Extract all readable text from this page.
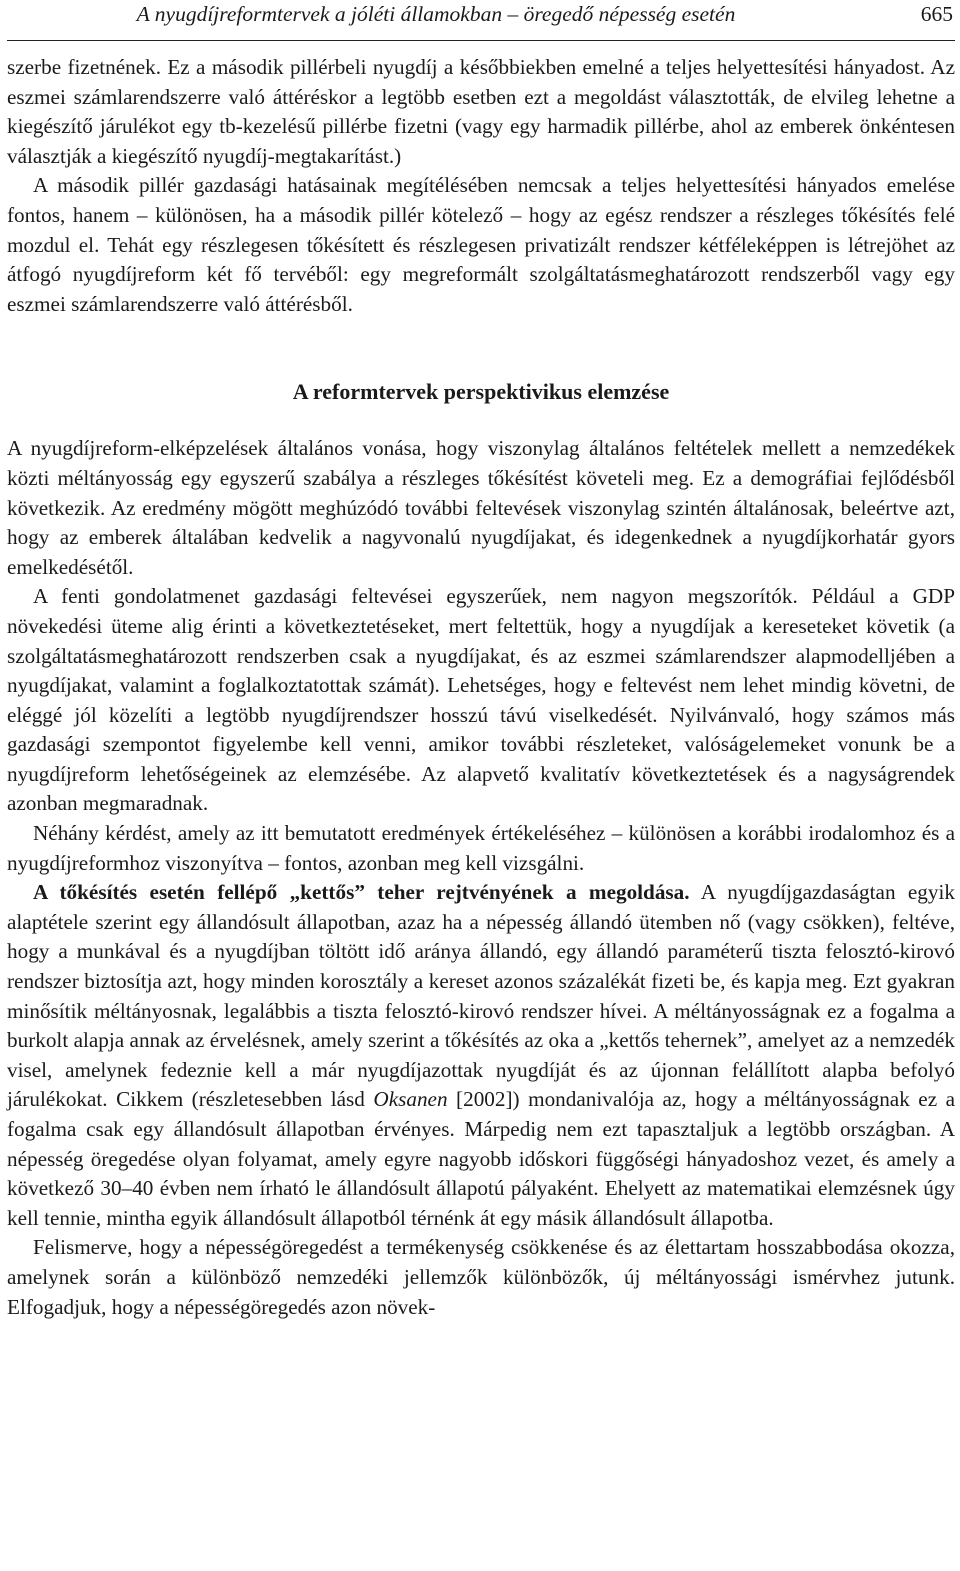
A nyugdíjreformtervek a jóléti államokban – öregedő népesség esetén	665

szerbe fizetnének. Ez a második pillérbeli nyugdíj a későbbiekben emelné a teljes helyettesítési hányadost. Az eszmei számlarendszerre való áttéréskor a legtöbb esetben ezt a megoldást választották, de elvileg lehetne a kiegészítő járulékot egy tb-kezelésű pillérbe fizetni (vagy egy harmadik pillérbe, ahol az emberek önkéntesen választják a kiegészítő nyugdíj-megtakarítást.)

A második pillér gazdasági hatásainak megítélésében nemcsak a teljes helyettesítési hányados emelése fontos, hanem – különösen, ha a második pillér kötelező – hogy az egész rendszer a részleges tőkésítés felé mozdul el. Tehát egy részlegesen tőkésített és részlegesen privatizált rendszer kétféleképpen is létrejöhet az átfogó nyugdíjreform két fő tervéből: egy megreformált szolgáltatásmeghatározott rendszerből vagy egy eszmei számlarendszerre való áttérésből.

A reformtervek perspektivikus elemzése

A nyugdíjreform-elképzelések általános vonása, hogy viszonylag általános feltételek mellett a nemzedékek közti méltányosság egy egyszerű szabálya a részleges tőkésítést követeli meg. Ez a demográfiai fejlődésből következik. Az eredmény mögött meghúzódó további feltevések viszonylag szintén általánosak, beleértve azt, hogy az emberek általában kedvelik a nagyvonalú nyugdíjakat, és idegenkednek a nyugdíjkorhatár gyors emelkedésétől.

A fenti gondolatmenet gazdasági feltevései egyszerűek, nem nagyon megszorítók. Például a GDP növekedési üteme alig érinti a következtetéseket, mert feltettük, hogy a nyugdíjak a kereseteket követik (a szolgáltatásmeghatározott rendszerben csak a nyugdíjakat, és az eszmei számlarendszer alapmodelljében a nyugdíjakat, valamint a foglalkoztatottak számát). Lehetséges, hogy e feltevést nem lehet mindig követni, de eléggé jól közelíti a legtöbb nyugdíjrendszer hosszú távú viselkedését. Nyilvánvaló, hogy számos más gazdasági szempontot figyelembe kell venni, amikor további részleteket, valóságelemeket vonunk be a nyugdíjreform lehetőségeinek az elemzésébe. Az alapvető kvalitatív következtetések és a nagyságrendek azonban megmaradnak.

Néhány kérdést, amely az itt bemutatott eredmények értékeléséhez – különösen a korábbi irodalomhoz és a nyugdíjreformhoz viszonyítva – fontos, azonban meg kell vizsgálni.

A tőkésítés esetén fellépő „kettős” teher rejtvényének a megoldása. A nyugdíjgazdaságtan egyik alaptétele szerint egy állandósult állapotban, azaz ha a népesség állandó ütemben nő (vagy csökken), feltéve, hogy a munkával és a nyugdíjban töltött idő aránya állandó, egy állandó paraméterű tiszta felosztó-kirovó rendszer biztosítja azt, hogy minden korosztály a kereset azonos százalékát fizeti be, és kapja meg. Ezt gyakran minősítik méltányosnak, legalábbis a tiszta felosztó-kirovó rendszer hívei. A méltányosságnak ez a fogalma a burkolt alapja annak az érvelésnek, amely szerint a tőkésítés az oka a „kettős tehernek”, amelyet az a nemzedék visel, amelynek fedeznie kell a már nyugdíjazottak nyugdíját és az újonnan felállított alapba befolyó járulékokat. Cikkem (részletesebben lásd Oksanen [2002]) mondanivalója az, hogy a méltányosságnak ez a fogalma csak egy állandósult állapotban érvényes. Márpedig nem ezt tapasztaljuk a legtöbb országban. A népesség öregedése olyan folyamat, amely egyre nagyobb időskori függőségi hányadoshoz vezet, és amely a következő 30–40 évben nem írható le állandósult állapotú pályaként. Ehelyett az matematikai elemzésnek úgy kell tennie, mintha egyik állandósult állapotból térnénk át egy másik állandósult állapotba.

Felismerve, hogy a népességöregedést a termékenység csökkenése és az élettartam hosszabbodása okozza, amelynek során a különböző nemzedéki jellemzők különbözők, új méltányossági ismérvhez jutunk. Elfogadjuk, hogy a népességöregedés azon növek-
